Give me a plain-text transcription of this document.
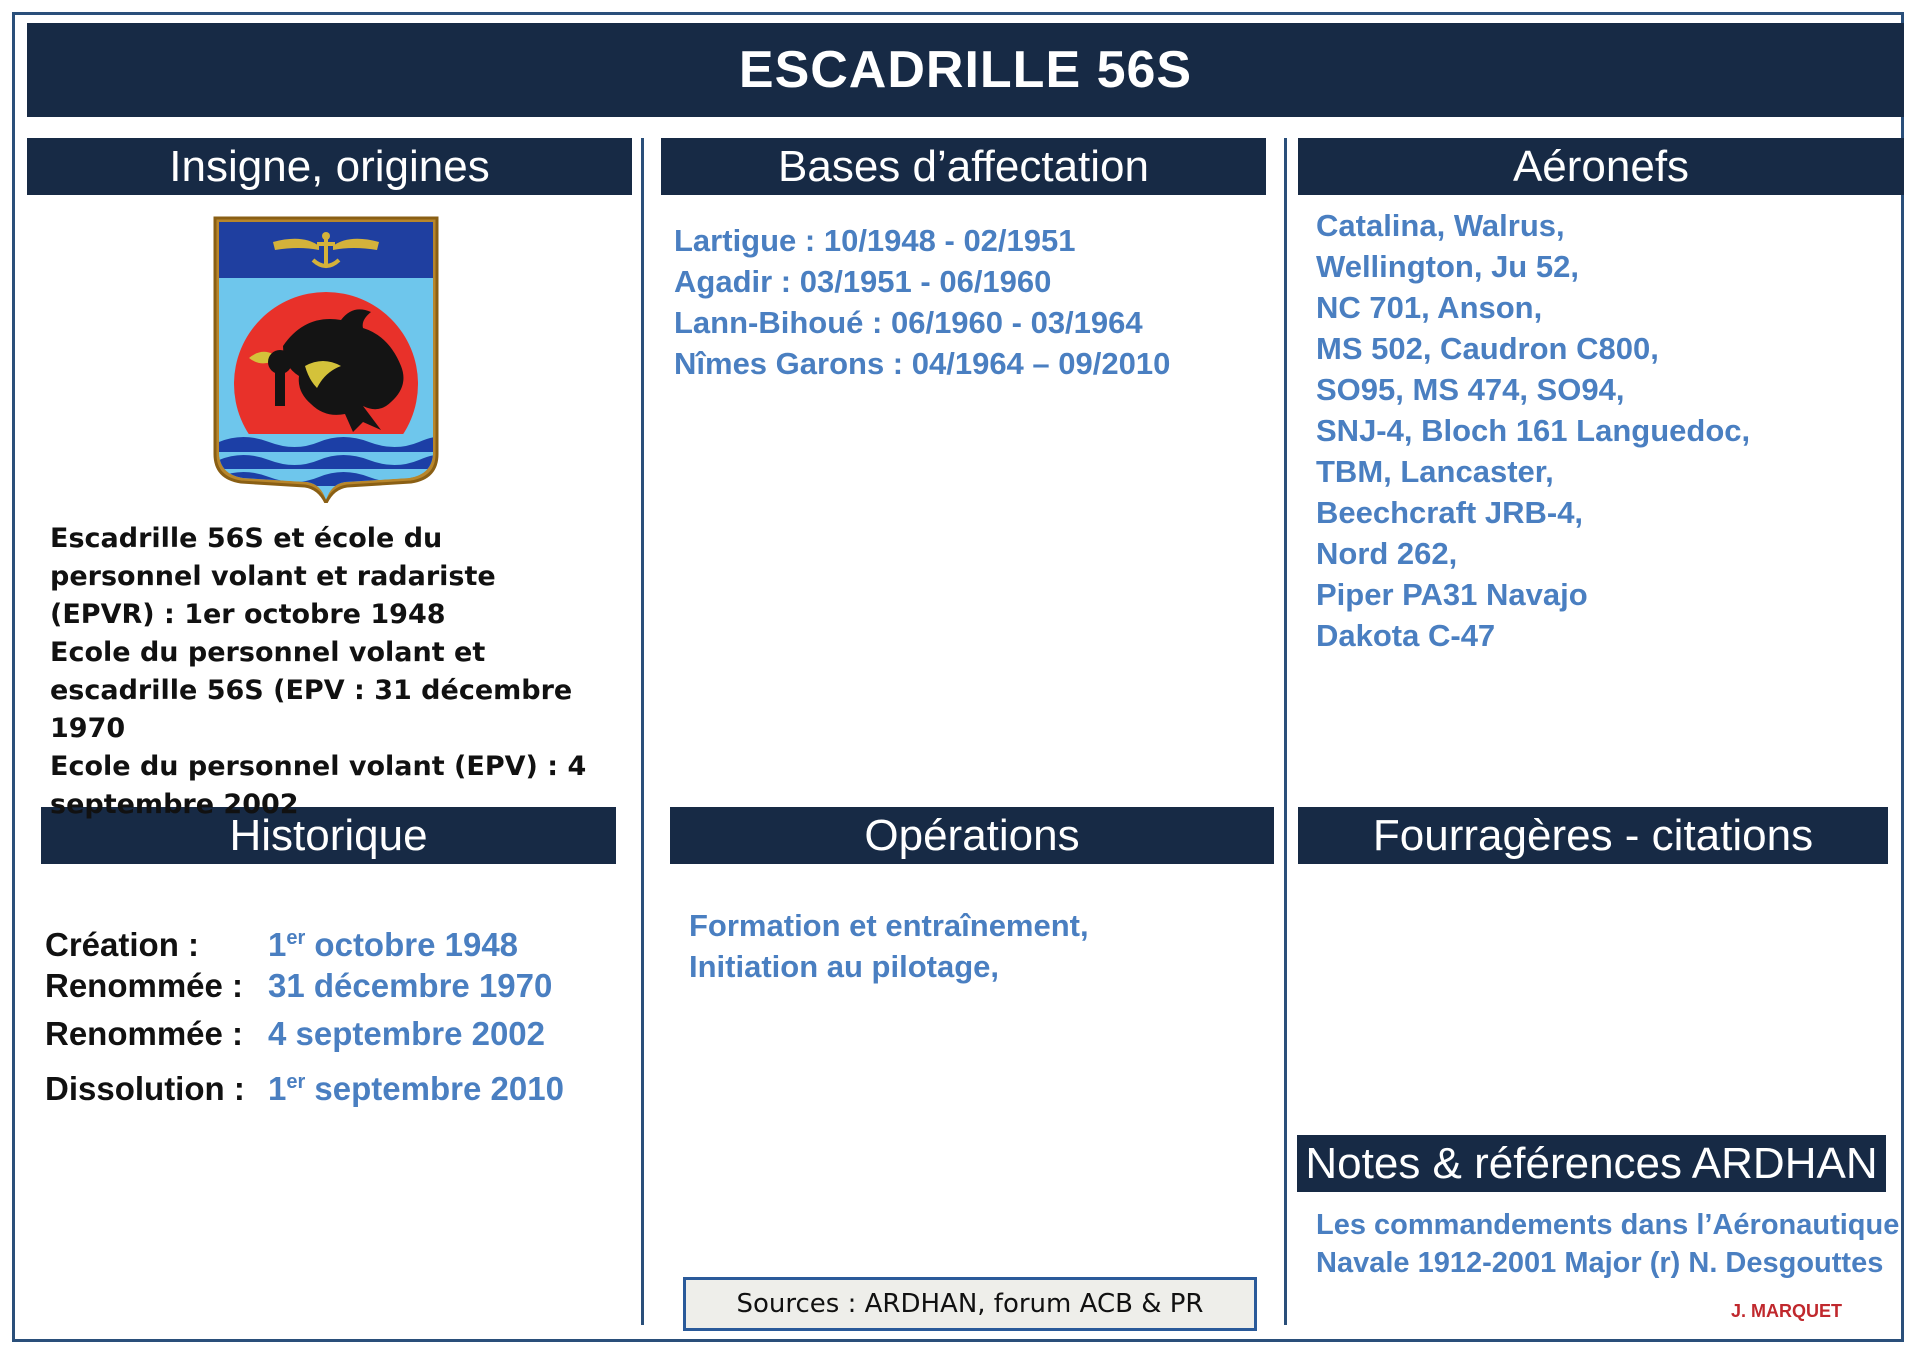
ESCADRILLE 56S
Insigne, origines	Bases d’affectation	Aéronefs
Historique	Opérations	Fourragères - citations
Notes & références ARDHAN

Escadrille 56S et école du personnel volant et radariste (EPVR) : 1er octobre 1948

Ecole du personnel volant et escadrille 56S (EPV : 31 décembre 1970

Ecole du personnel volant (EPV) : 4 septembre 2002

Lartigue : 10/1948 - 02/1951
Agadir : 03/1951 - 06/1960
Lann-Bihoué : 06/1960 - 03/1964
Nîmes Garons : 04/1964 – 09/2010
Catalina, Walrus,
Wellington, Ju 52,
NC 701, Anson,
MS 502, Caudron C800,
SO95, MS 474, SO94,
SNJ-4, Bloch 161 Languedoc,
TBM, Lancaster,
Beechcraft JRB-4,
Nord 262,
Piper PA31 Navajo
Dakota C-47
Création : 1er octobre 1948
Renommée : 31 décembre 1970
Renommée : 4 septembre 2002
Dissolution : 1er septembre 2010
Formation et entraînement,
Initiation au pilotage,
Les commandements dans l’Aéronautique
Navale 1912-2001 Major (r) N. Desgouttes
Sources : ARDHAN, forum ACB & PR	J. MARQUET
